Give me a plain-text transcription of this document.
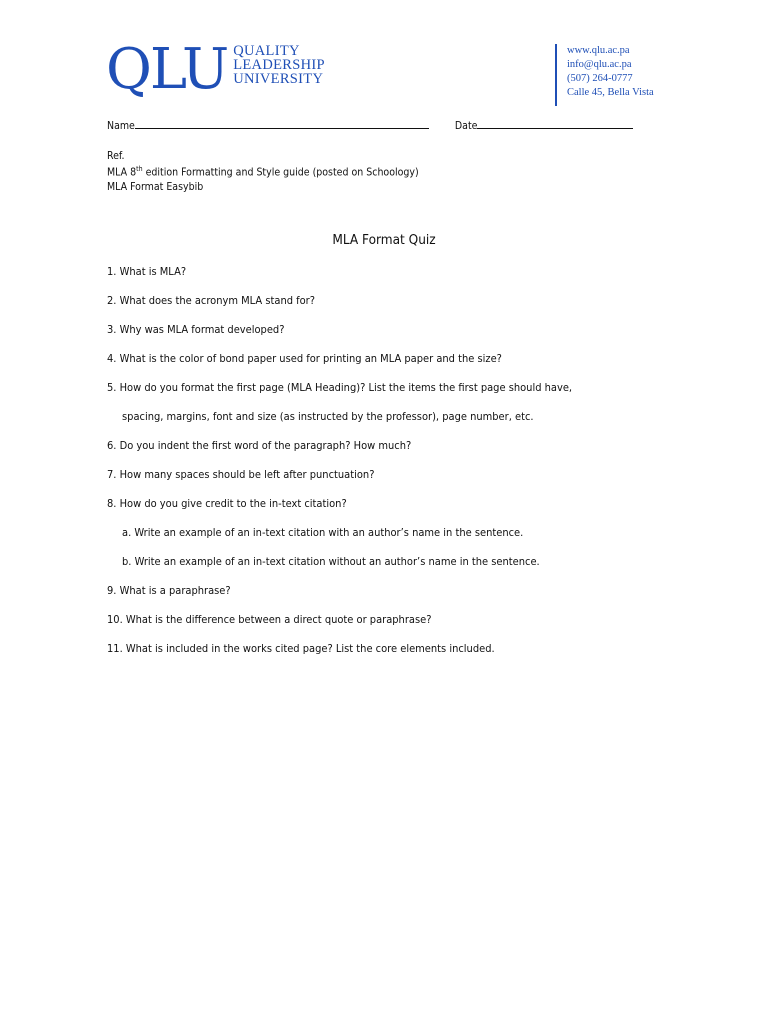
QLU QUALITY
LEADERSHIP
UNIVERSITY
www.qlu.ac.pa
info@qlu.ac.pa
(507) 264-0777
Calle 45, Bella Vista
Name	Date
Ref.
MLA 8th edition Formatting and Style guide (posted on Schoology)
MLA Format Easybib
MLA Format Quiz
1. What is MLA?
2. What does the acronym MLA stand for?
3. Why was MLA format developed?
4. What is the color of bond paper used for printing an MLA paper and the size?
5. How do you format the first page (MLA Heading)? List the items the first page should have,
spacing, margins, font and size (as instructed by the professor), page number, etc.
6. Do you indent the first word of the paragraph? How much?
7. How many spaces should be left after punctuation?
8. How do you give credit to the in-text citation?
a. Write an example of an in-text citation with an author’s name in the sentence.
b. Write an example of an in-text citation without an author’s name in the sentence.
9. What is a paraphrase?
10. What is the difference between a direct quote or paraphrase?
11. What is included in the works cited page? List the core elements included.
